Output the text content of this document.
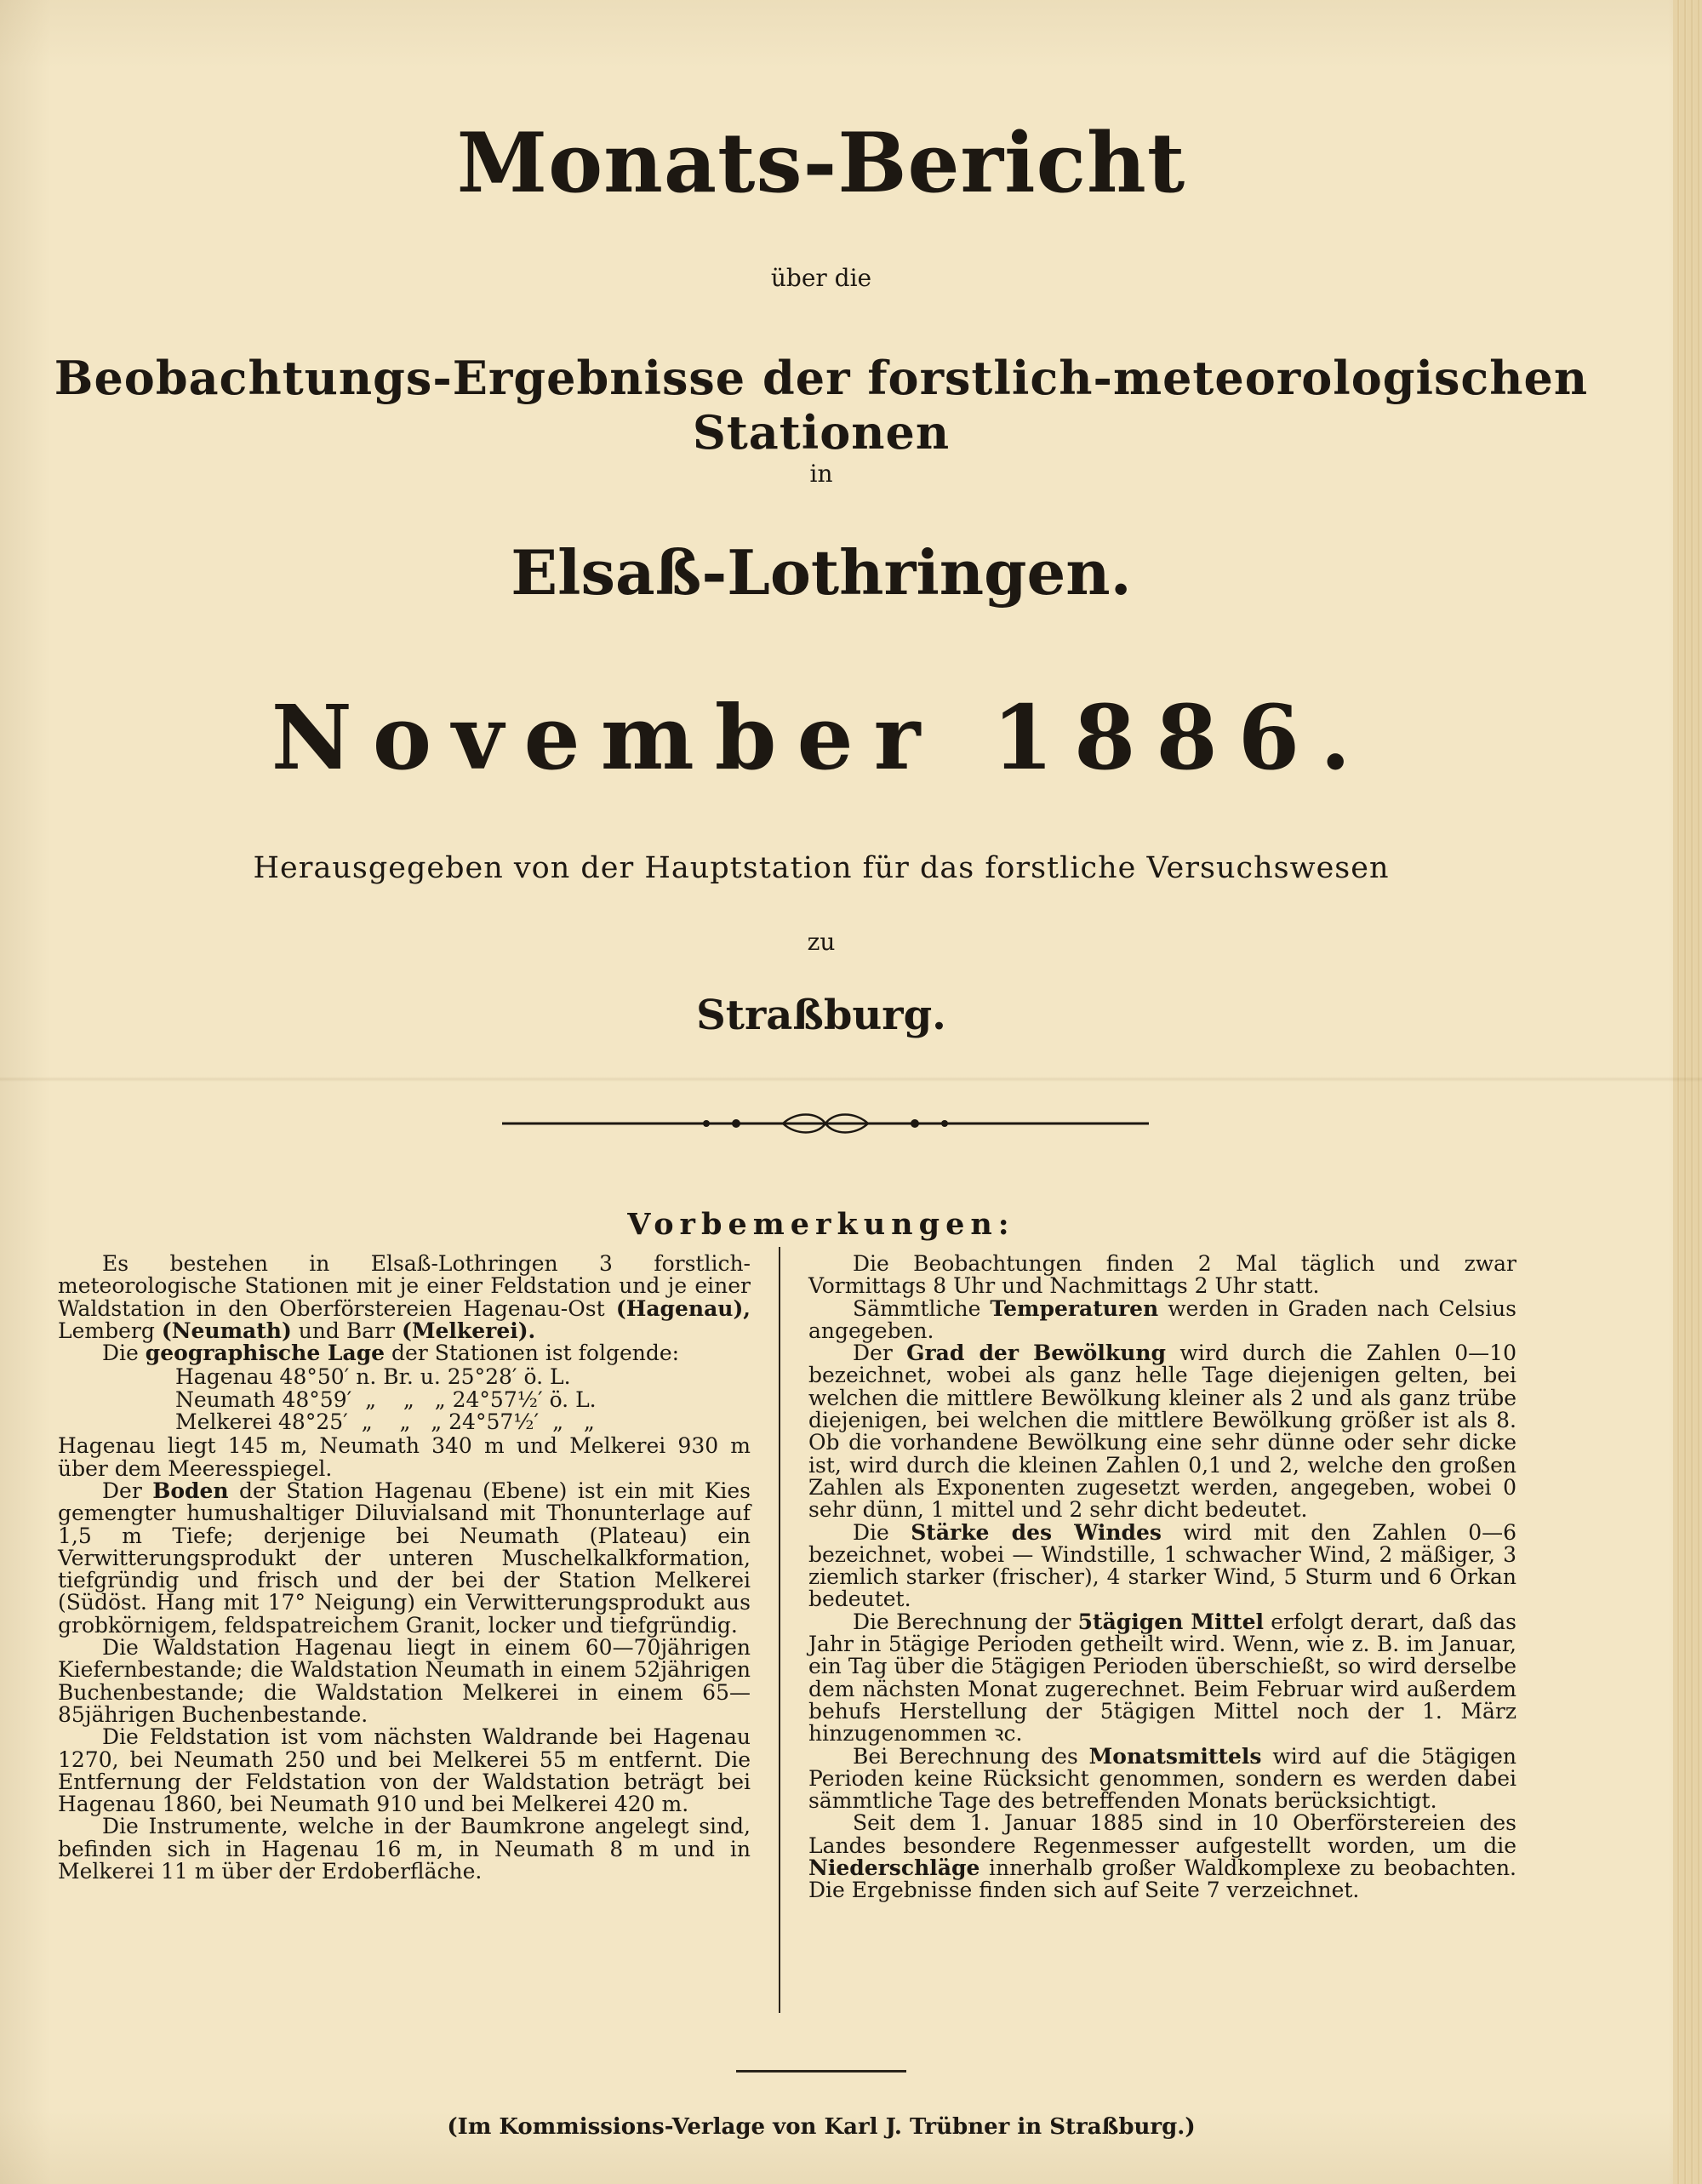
Monats-Bericht
über die
Beobachtungs-Ergebnisse der forstlich-meteorologischen Stationen
in
Elsaß-Lothringen.
November 1886.
Herausgegeben von der Hauptstation für das forstliche Versuchswesen
zu
Straßburg.
Vorbemerkungen:

Es bestehen in Elsaß-Lothringen 3 forstlich-meteorologische Stationen mit je einer Feldstation und je einer Waldstation in den Oberförstereien Hagenau-Ost (Hagenau), Lemberg (Neumath) und Barr (Melkerei).

Die geographische Lage der Stationen ist folgende:

Hagenau 48°50′ n. Br. u. 25°28′ ö. L.
Neumath 48°59′  „    „   „ 24°57½′ ö. L.
Melkerei 48°25′  „    „   „ 24°57½′  „   „

Hagenau liegt 145 m, Neumath 340 m und Melkerei 930 m über dem Meeresspiegel.

Der Boden der Station Hagenau (Ebene) ist ein mit Kies gemengter humushaltiger Diluvialsand mit Thonunterlage auf 1,5 m Tiefe; derjenige bei Neumath (Plateau) ein Verwitterungsprodukt der unteren Muschelkalkformation, tiefgründig und frisch und der bei der Station Melkerei (Südöst. Hang mit 17° Neigung) ein Verwitterungsprodukt aus grobkörnigem, feldspatreichem Granit, locker und tiefgründig.

Die Waldstation Hagenau liegt in einem 60—70jährigen Kiefernbestande; die Waldstation Neumath in einem 52jährigen Buchenbestande; die Waldstation Melkerei in einem 65—85jährigen Buchenbestande.

Die Feldstation ist vom nächsten Waldrande bei Hagenau 1270, bei Neumath 250 und bei Melkerei 55 m entfernt. Die Entfernung der Feldstation von der Waldstation beträgt bei Hagenau 1860, bei Neumath 910 und bei Melkerei 420 m.

Die Instrumente, welche in der Baumkrone angelegt sind, befinden sich in Hagenau 16 m, in Neumath 8 m und in Melkerei 11 m über der Erdoberfläche.

Die Beobachtungen finden 2 Mal täglich und zwar Vormittags 8 Uhr und Nachmittags 2 Uhr statt.

Sämmtliche Temperaturen werden in Graden nach Celsius angegeben.

Der Grad der Bewölkung wird durch die Zahlen 0—10 bezeichnet, wobei als ganz helle Tage diejenigen gelten, bei welchen die mittlere Bewölkung kleiner als 2 und als ganz trübe diejenigen, bei welchen die mittlere Bewölkung größer ist als 8. Ob die vorhandene Bewölkung eine sehr dünne oder sehr dicke ist, wird durch die kleinen Zahlen 0,1 und 2, welche den großen Zahlen als Exponenten zugesetzt werden, angegeben, wobei 0 sehr dünn, 1 mittel und 2 sehr dicht bedeutet.

Die Stärke des Windes wird mit den Zahlen 0—6 bezeichnet, wobei — Windstille, 1 schwacher Wind, 2 mäßiger, 3 ziemlich starker (frischer), 4 starker Wind, 5 Sturm und 6 Orkan bedeutet.

Die Berechnung der 5tägigen Mittel erfolgt derart, daß das Jahr in 5tägige Perioden getheilt wird. Wenn, wie z. B. im Januar, ein Tag über die 5tägigen Perioden überschießt, so wird derselbe dem nächsten Monat zugerechnet. Beim Februar wird außerdem behufs Herstellung der 5tägigen Mittel noch der 1. März hinzugenommen ꝛc.

Bei Berechnung des Monatsmittels wird auf die 5tägigen Perioden keine Rücksicht genommen, sondern es werden dabei sämmtliche Tage des betreffenden Monats berücksichtigt.

Seit dem 1. Januar 1885 sind in 10 Oberförstereien des Landes besondere Regenmesser aufgestellt worden, um die Niederschläge innerhalb großer Waldkomplexe zu beobachten. Die Ergebnisse finden sich auf Seite 7 verzeichnet.

(Im Kommissions-Verlage von Karl J. Trübner in Straßburg.)
